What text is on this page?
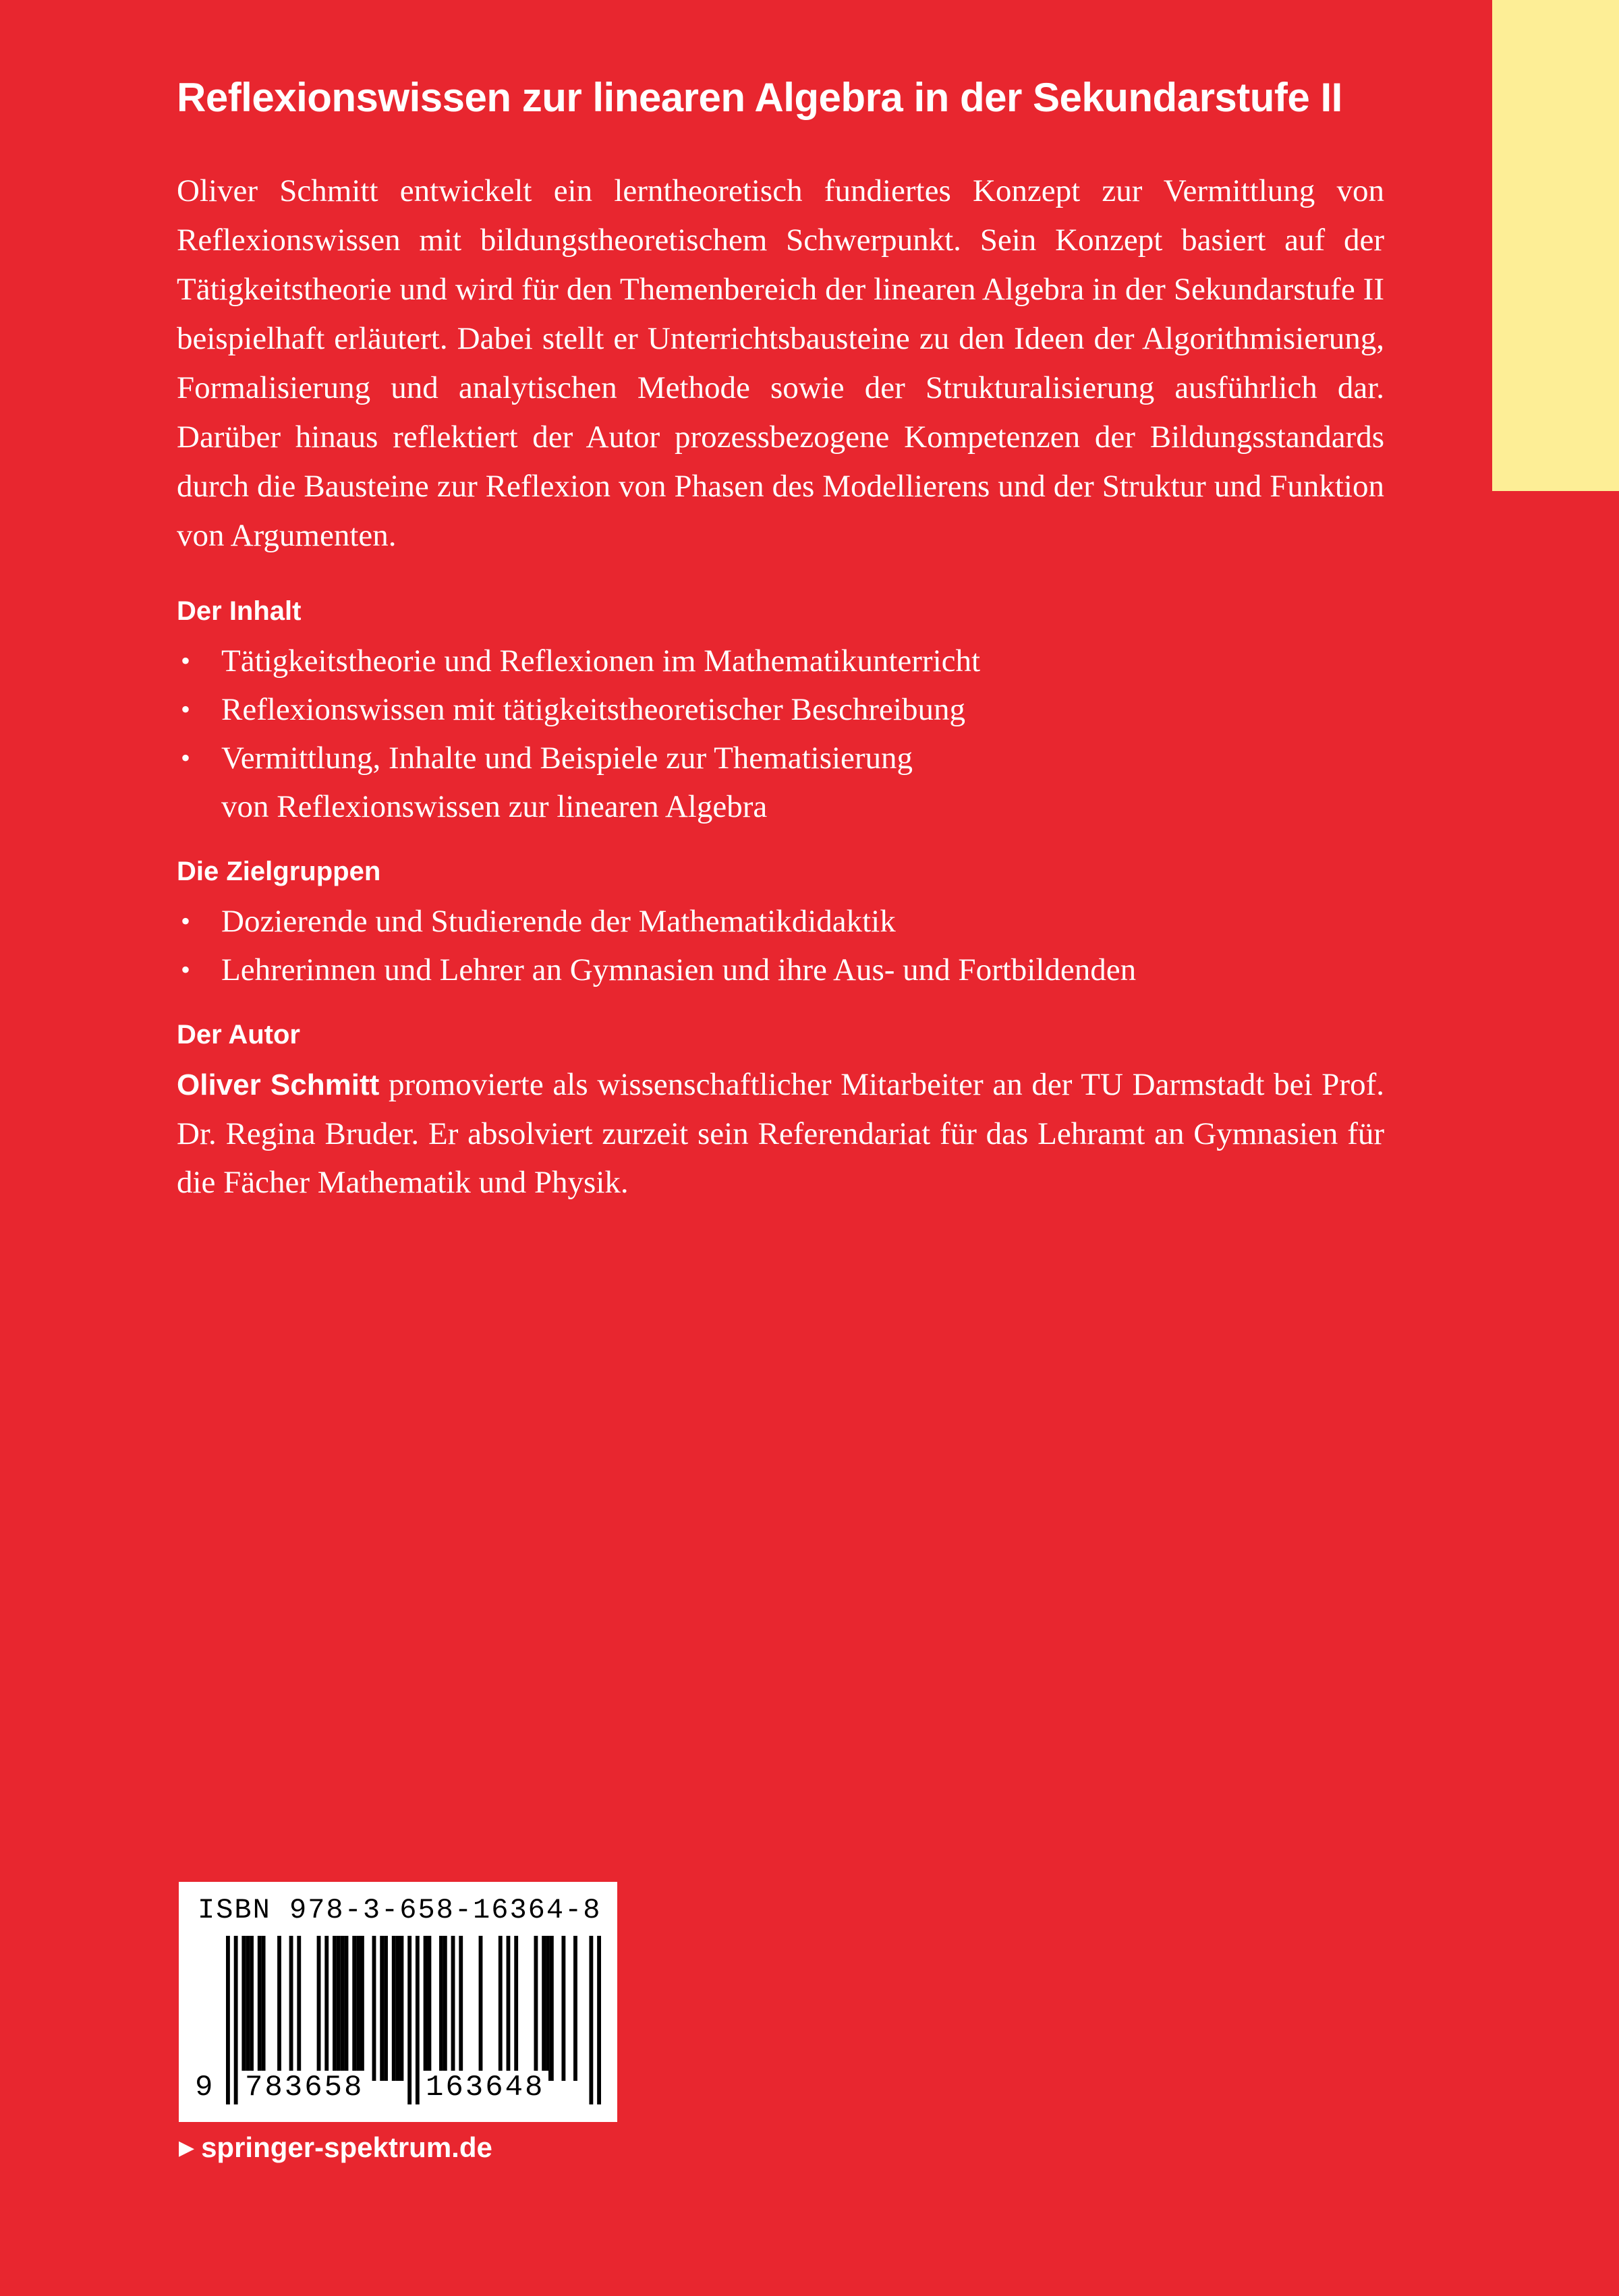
Reflexionswissen zur linearen Algebra in der Sekundarstufe II

Oliver Schmitt entwickelt ein lerntheoretisch fundiertes Konzept zur Vermittlung von Reflexionswissen mit bildungstheoretischem Schwerpunkt. Sein Konzept basiert auf der Tätigkeitstheorie und wird für den Themenbereich der linearen Algebra in der Sekundarstufe II beispielhaft erläutert. Dabei stellt er Unterrichtsbausteine zu den Ideen der Algorithmisierung, Formalisierung und analytischen Methode sowie der Strukturalisierung ausführlich dar. Darüber hinaus reflektiert der Autor prozessbezogene Kompetenzen der Bildungsstandards durch die Bausteine zur Reflexion von Phasen des Modellierens und der Struktur und Funktion von Argumenten.

Der Inhalt
• Tätigkeitstheorie und Reflexionen im Mathematikunterricht
• Reflexionswissen mit tätigkeitstheoretischer Beschreibung
• Vermittlung, Inhalte und Beispiele zur Thematisierung von Reflexionswissen zur linearen Algebra
Die Zielgruppen
• Dozierende und Studierende der Mathematikdidaktik
• Lehrerinnen und Lehrer an Gymnasien und ihre Aus- und Fortbildenden
Der Autor

Oliver Schmitt promovierte als wissenschaftlicher Mitarbeiter an der TU Darmstadt bei Prof. Dr. Regina Bruder. Er absolviert zurzeit sein Referendariat für das Lehramt an Gymnasien für die Fächer Mathematik und Physik.

ISBN 978-3-658-16364-8
9 783658 163648
▶ springer-spektrum.de
